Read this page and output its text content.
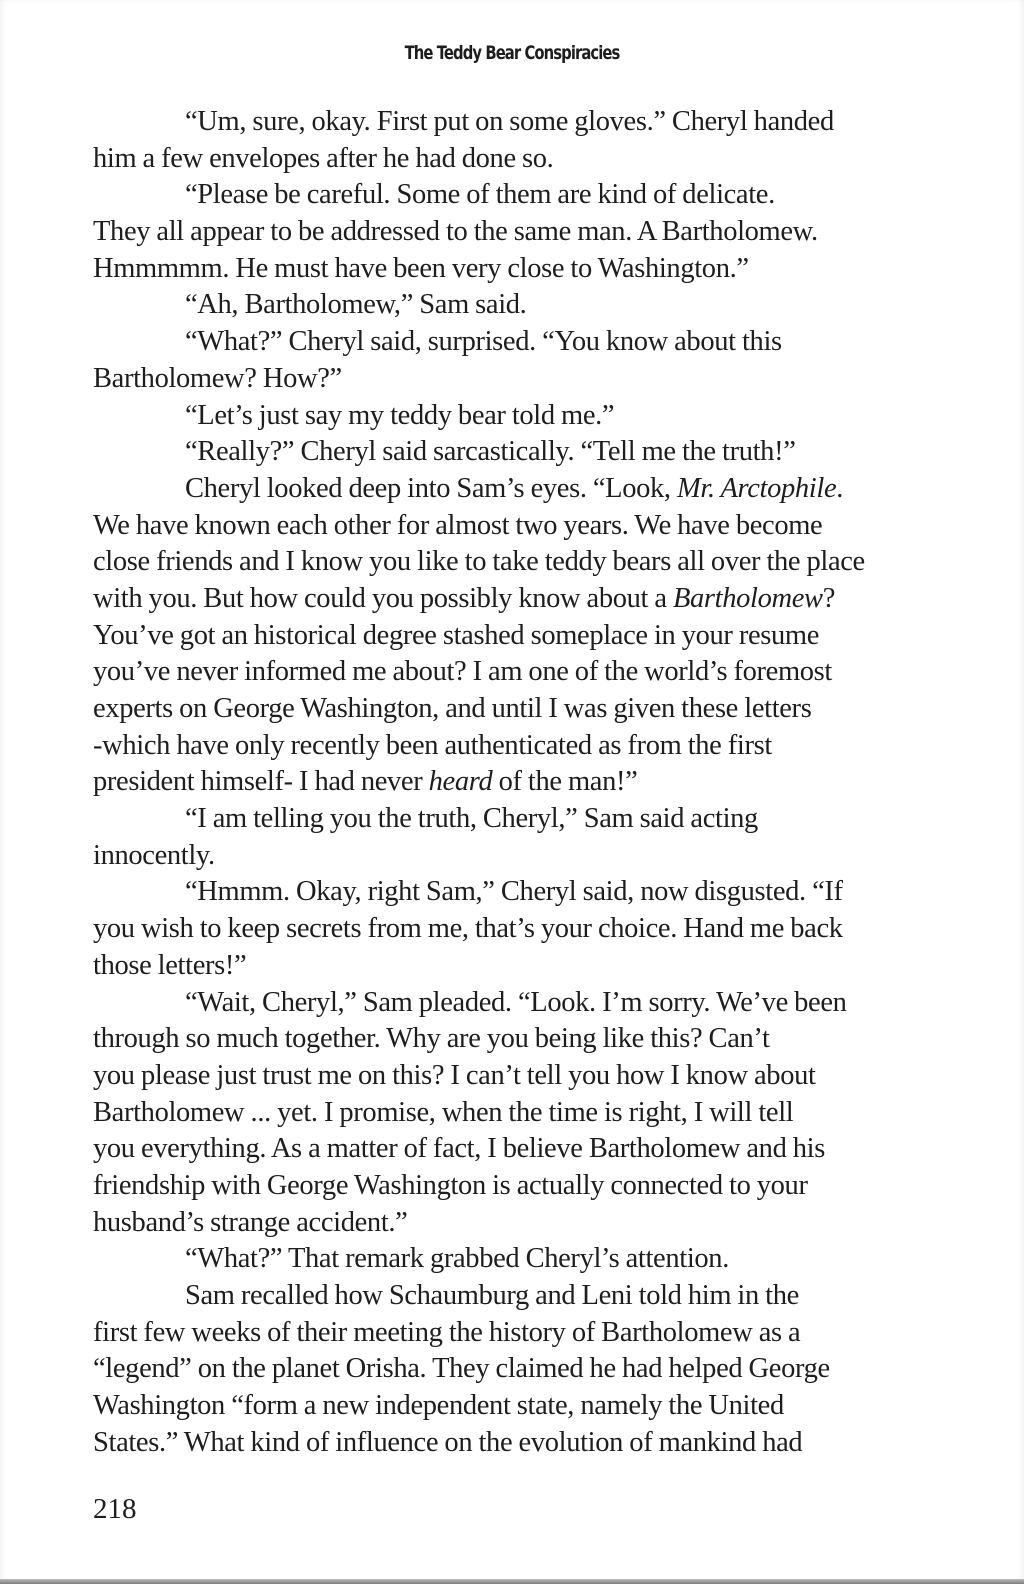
The Teddy Bear Conspiracies
“Um, sure, okay. First put on some gloves.” Cheryl handed
him a few envelopes after he had done so.
“Please be careful. Some of them are kind of delicate.
They all appear to be addressed to the same man. A Bartholomew.
Hmmmmm. He must have been very close to Washington.”
“Ah, Bartholomew,” Sam said.
“What?” Cheryl said, surprised. “You know about this
Bartholomew? How?”
“Let’s just say my teddy bear told me.”
“Really?” Cheryl said sarcastically. “Tell me the truth!”
Cheryl looked deep into Sam’s eyes. “Look, Mr. Arctophile.
We have known each other for almost two years. We have become
close friends and I know you like to take teddy bears all over the place
with you. But how could you possibly know about a Bartholomew?
You’ve got an historical degree stashed someplace in your resume
you’ve never informed me about? I am one of the world’s foremost
experts on George Washington, and until I was given these letters
-which have only recently been authenticated as from the first
president himself- I had never heard of the man!”
“I am telling you the truth, Cheryl,” Sam said acting
innocently.
“Hmmm. Okay, right Sam,” Cheryl said, now disgusted. “If
you wish to keep secrets from me, that’s your choice. Hand me back
those letters!”
“Wait, Cheryl,” Sam pleaded. “Look. I’m sorry. We’ve been
through so much together. Why are you being like this? Can’t
you please just trust me on this? I can’t tell you how I know about
Bartholomew ... yet. I promise, when the time is right, I will tell
you everything. As a matter of fact, I believe Bartholomew and his
friendship with George Washington is actually connected to your
husband’s strange accident.”
“What?” That remark grabbed Cheryl’s attention.
Sam recalled how Schaumburg and Leni told him in the
first few weeks of their meeting the history of Bartholomew as a
“legend” on the planet Orisha. They claimed he had helped George
Washington “form a new independent state, namely the United
States.” What kind of influence on the evolution of mankind had
218
